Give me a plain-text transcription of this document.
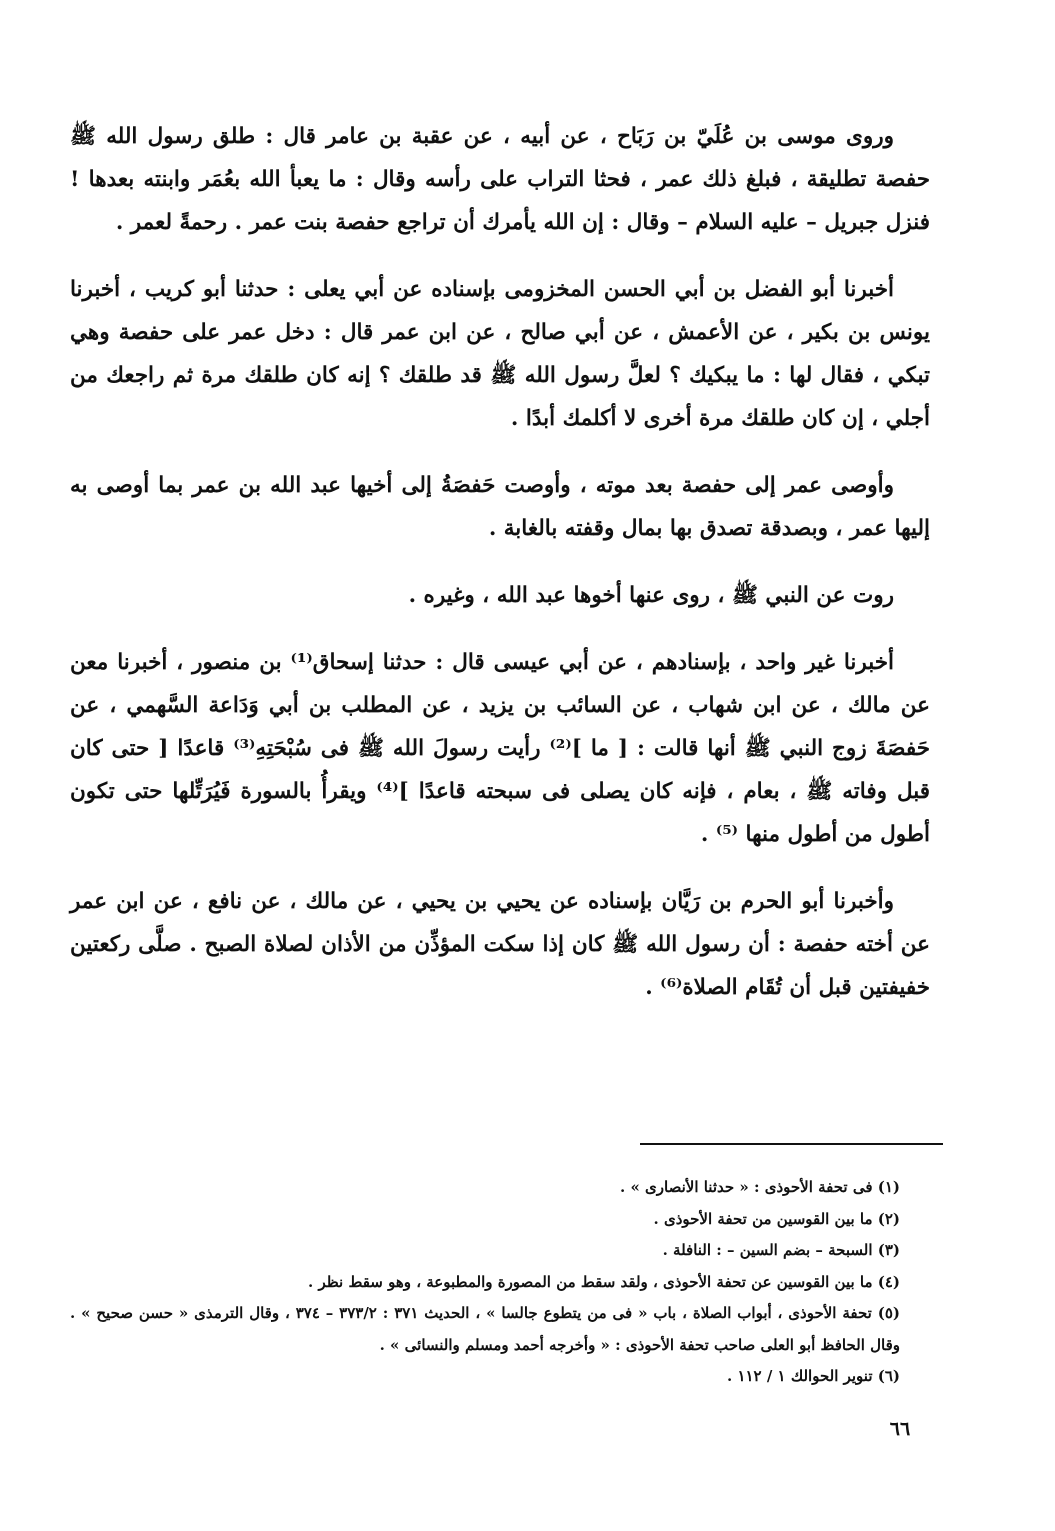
وروى موسى بن عُلَيّ بن رَبَاح ، عن أبيه ، عن عقبة بن عامر قال : طلق رسول الله ﷺ حفصة تطليقة ، فبلغ ذلك عمر ، فحثا التراب على رأسه وقال : ما يعبأ الله بعُمَر وابنته بعدها ! فنزل جبريل – عليه السلام – وقال : إن الله يأمرك أن تراجع حفصة بنت عمر . رحمةً لعمر .

أخبرنا أبو الفضل بن أبي الحسن المخزومى بإسناده عن أبي يعلى : حدثنا أبو كريب ، أخبرنا يونس بن بكير ، عن الأعمش ، عن أبي صالح ، عن ابن عمر قال : دخل عمر على حفصة وهي تبكي ، فقال لها : ما يبكيك ؟ لعلَّ رسول الله ﷺ قد طلقك ؟ إنه كان طلقك مرة ثم راجعك من أجلي ، إن كان طلقك مرة أخرى لا أكلمك أبدًا .

وأوصى عمر إلى حفصة بعد موته ، وأوصت حَفصَةُ إلى أخيها عبد الله بن عمر بما أوصى به إليها عمر ، وبصدقة تصدق بها بمال وقفته بالغابة .

روت عن النبي ﷺ ، روى عنها أخوها عبد الله ، وغيره .

أخبرنا غير واحد ، بإسنادهم ، عن أبي عيسى قال : حدثنا إسحاق⁽¹⁾ بن منصور ، أخبرنا معن عن مالك ، عن ابن شهاب ، عن السائب بن يزيد ، عن المطلب بن أبي وَدَاعة السَّهمي ، عن حَفصَةَ زوج النبي ﷺ أنها قالت : [ ما ]⁽²⁾ رأيت رسولَ الله ﷺ فى سُبْحَتِهِ⁽³⁾ قاعدًا [ حتى كان قبل وفاته ﷺ ، بعام ، فإنه كان يصلى فى سبحته قاعدًا ]⁽⁴⁾ ويقرأُ بالسورة فَيُرَتِّلها حتى تكون أطول من أطول منها ⁽⁵⁾ .

وأخبرنا أبو الحرم بن رَيَّان بإسناده عن يحيي بن يحيي ، عن مالك ، عن نافع ، عن ابن عمر عن أخته حفصة : أن رسول الله ﷺ كان إذا سكت المؤذِّن من الأذان لصلاة الصبح . صلَّى ركعتين خفيفتين قبل أن تُقَام الصلاة⁽⁶⁾ .

(١) فى تحفة الأحوذى : « حدثنا الأنصارى » .

(٢) ما بين القوسين من تحفة الأحوذى .

(٣) السبحة – بضم السين – : النافلة .

(٤) ما بين القوسين عن تحفة الأحوذى ، ولقد سقط من المصورة والمطبوعة ، وهو سقط نظر .

(٥) تحفة الأحوذى ، أبواب الصلاة ، باب « فى من يتطوع جالسا » ، الحديث ٣٧١ : ٣٧٣/٢ – ٣٧٤ ، وقال الترمذى « حسن صحيح » . وقال الحافظ أبو العلى صاحب تحفة الأحوذى : « وأخرجه أحمد ومسلم والنسائى » .

(٦) تنوير الحوالك ١ / ١١٢ .

٦٦
